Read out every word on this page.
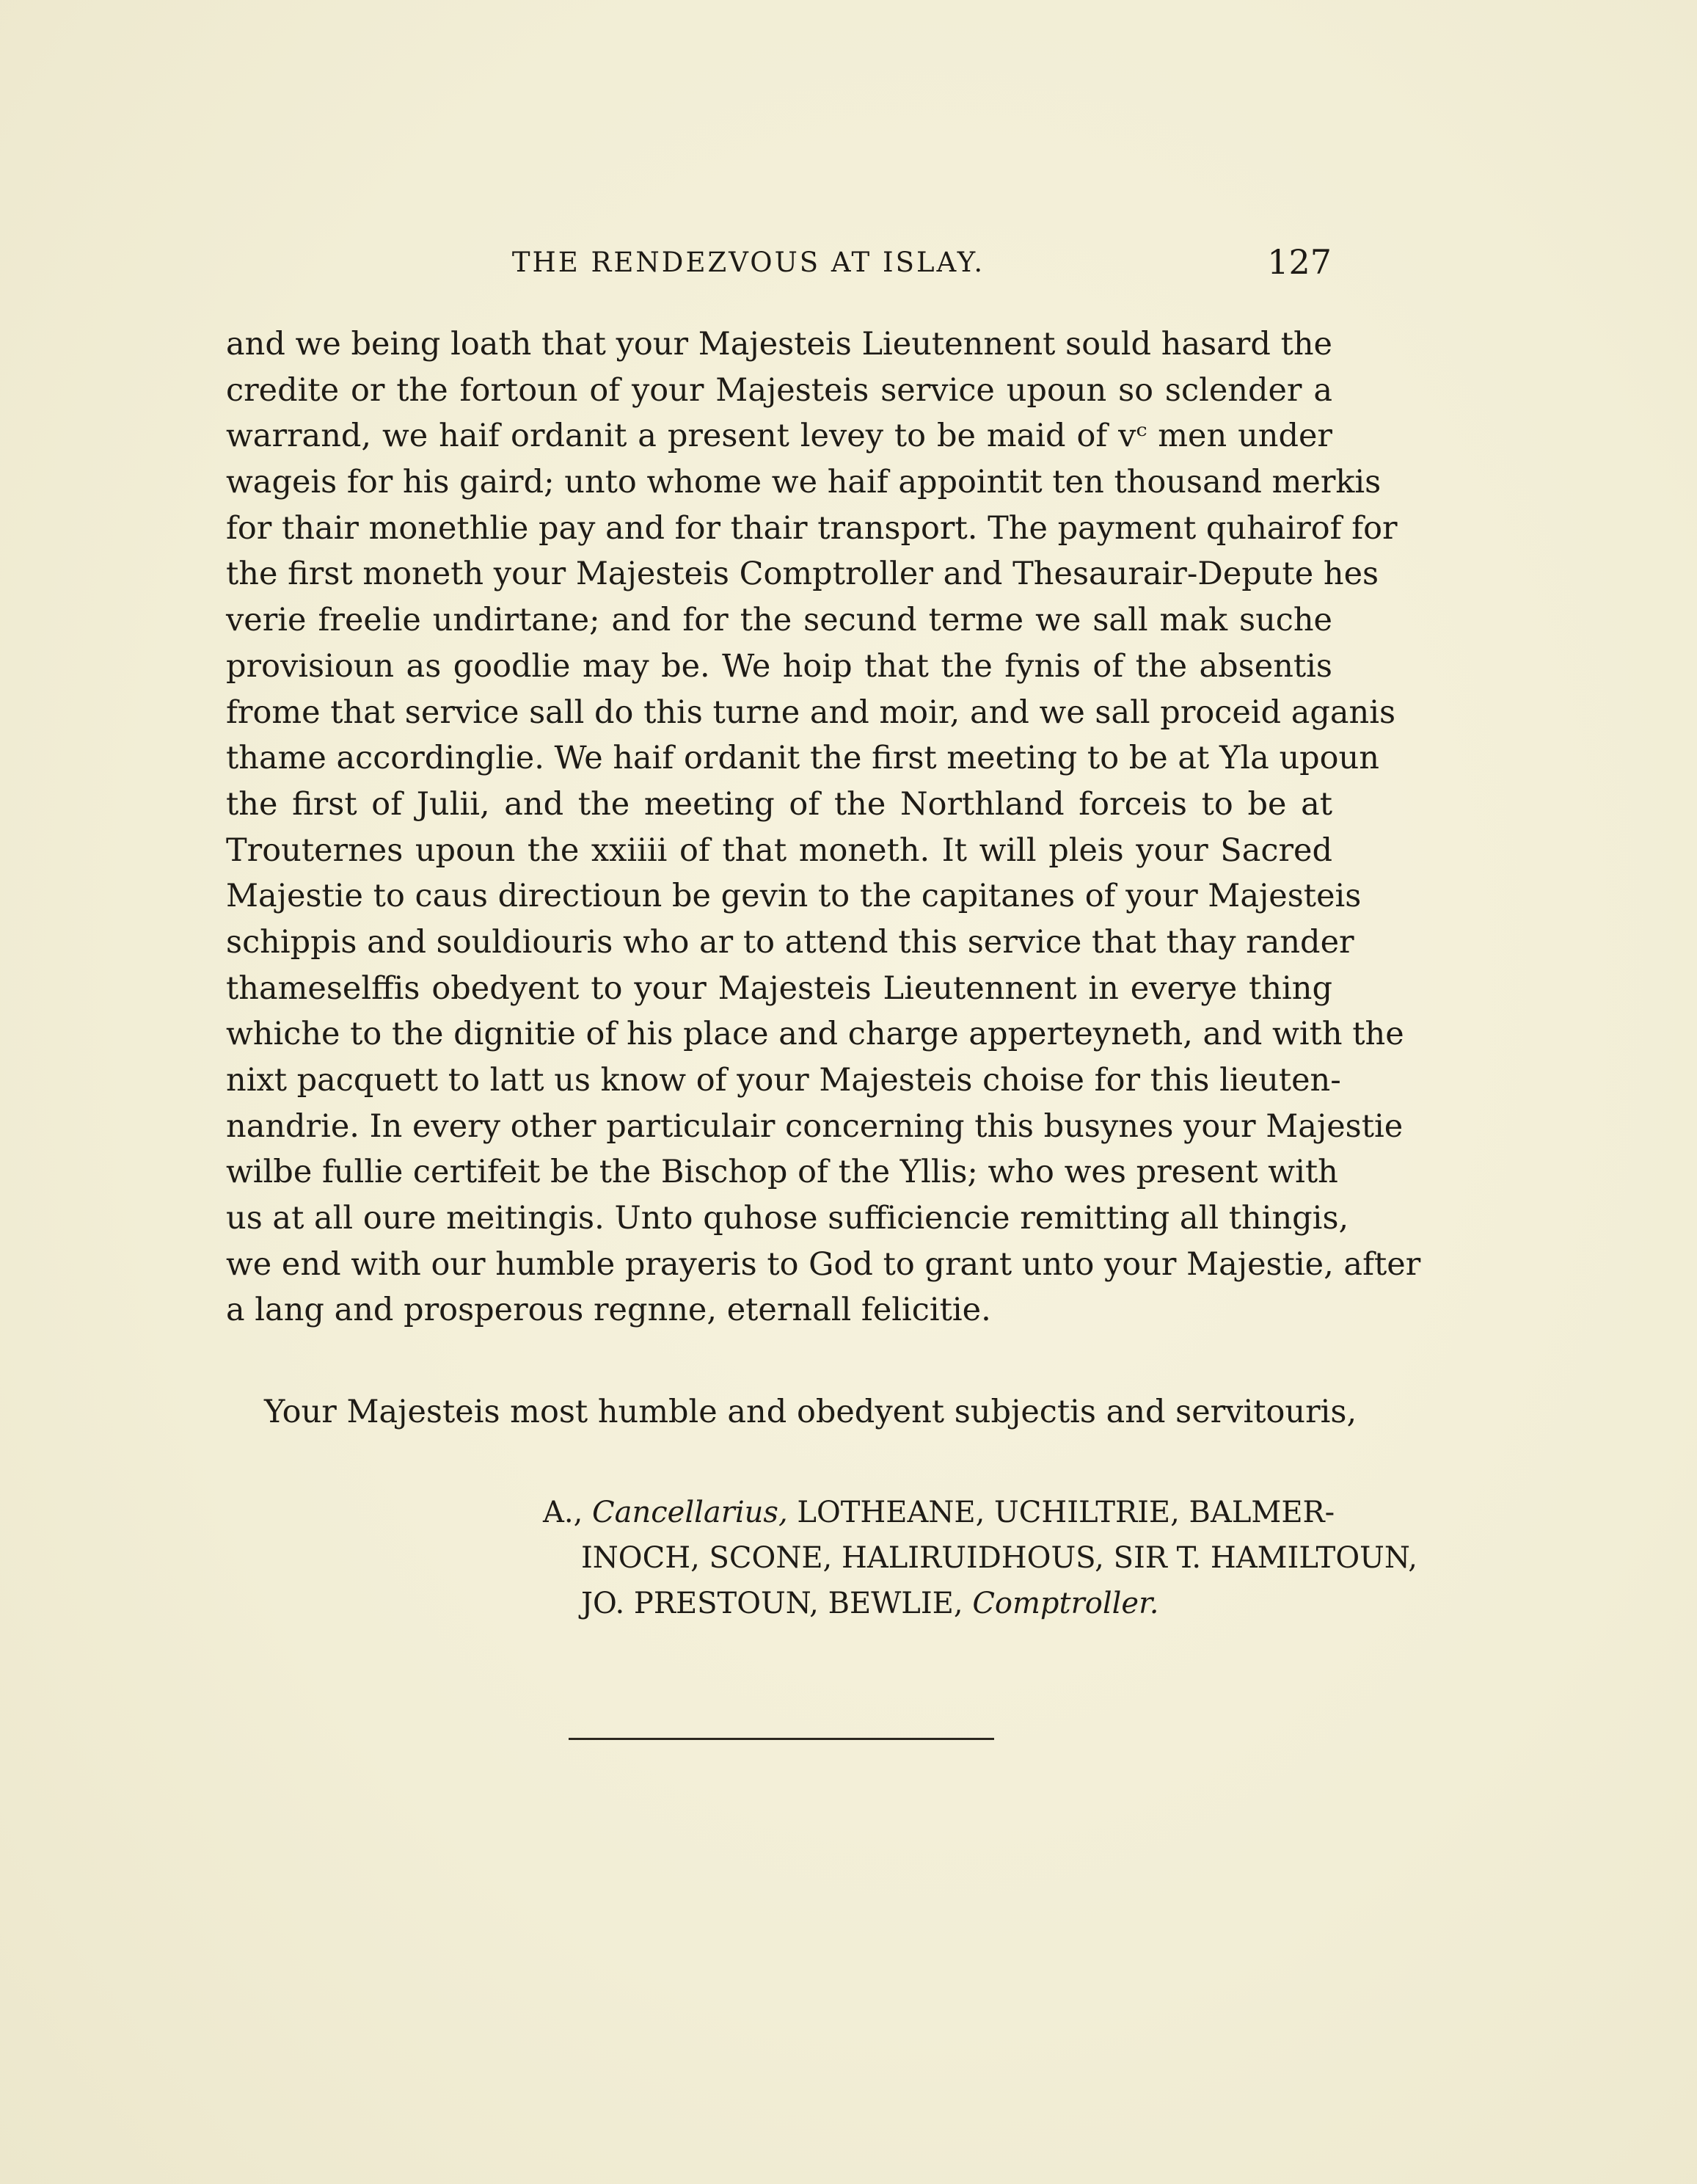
THE RENDEZVOUS AT ISLAY.	127
and we being loath that your Majesteis Lieutennent sould hasard the
credite or the fortoun of your Majesteis service upoun so sclender a
warrand, we haif ordanit a present levey to be maid of vᶜ men under
wageis for his gaird; unto whome we haif appointit ten thousand merkis
for thair monethlie pay and for thair transport. The payment quhairof for
the first moneth your Majesteis Comptroller and Thesaurair-Depute hes
verie freelie undirtane; and for the secund terme we sall mak suche
provisioun as goodlie may be. We hoip that the fynis of the absentis
frome that service sall do this turne and moir, and we sall proceid aganis
thame accordinglie. We haif ordanit the first meeting to be at Yla upoun
the first of Julii, and the meeting of the Northland forceis to be at
Trouternes upoun the xxiiii of that moneth. It will pleis your Sacred
Majestie to caus directioun be gevin to the capitanes of your Majesteis
schippis and souldiouris who ar to attend this service that thay rander
thameselffis obedyent to your Majesteis Lieutennent in everye thing
whiche to the dignitie of his place and charge apperteyneth, and with the
nixt pacquett to latt us know of your Majesteis choise for this lieuten-
nandrie. In every other particulair concerning this busynes your Majestie
wilbe fullie certifeit be the Bischop of the Yllis; who wes present with
us at all oure meitingis. Unto quhose sufficiencie remitting all thingis,
we end with our humble prayeris to God to grant unto your Majestie, after
a lang and prosperous regnne, eternall felicitie.
Your Majesteis most humble and obedyent subjectis and servitouris,
A., Cancellarius, LOTHEANE, UCHILTRIE, BALMER-
INOCH, SCONE, HALIRUIDHOUS, SIR T. HAMILTOUN,
JO. PRESTOUN, BEWLIE, Comptroller.
